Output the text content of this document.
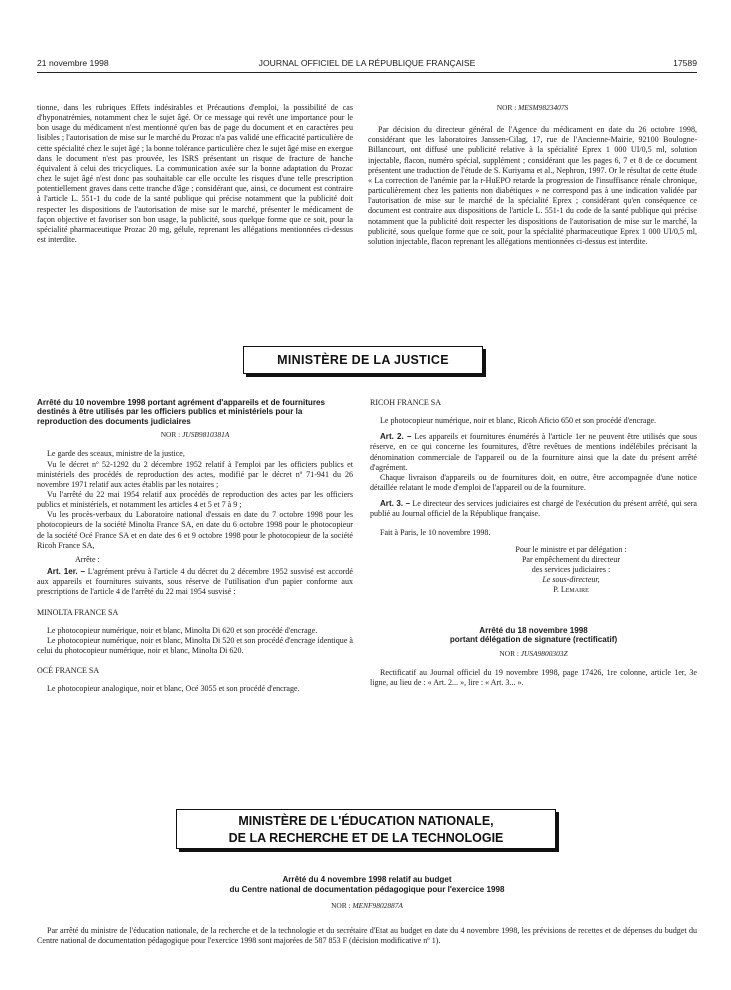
21 novembre 1998	JOURNAL OFFICIEL DE LA RÉPUBLIQUE FRANÇAISE	17589

tionne, dans les rubriques Effets indésirables et Précautions d'emploi, la possibilité de cas d'hyponatrémies, notamment chez le sujet âgé. Or ce message qui revêt une importance pour le bon usage du médicament n'est mentionné qu'en bas de page du document et en caractères peu lisibles ; l'autorisation de mise sur le marché du Prozac n'a pas validé une efficacité particulière de cette spécialité chez le sujet âgé ; la bonne tolérance particulière chez le sujet âgé mise en exergue dans le document n'est pas prouvée, les ISRS présentant un risque de fracture de hanche équivalent à celui des tricycliques. La communication axée sur la bonne adaptation du Prozac chez le sujet âgé n'est donc pas souhaitable car elle occulte les risques d'une telle prescription potentiellement graves dans cette tranche d'âge ; considérant que, ainsi, ce document est contraire à l'article L. 551-1 du code de la santé publique qui précise notamment que la publicité doit respecter les dispositions de l'autorisation de mise sur le marché, présenter le médicament de façon objective et favoriser son bon usage, la publicité, sous quelque forme que ce soit, pour la spécialité pharmaceutique Prozac 20 mg, gélule, reprenant les allégations mentionnées ci-dessus est interdite.

NOR : MESM9823407S

Par décision du directeur général de l'Agence du médicament en date du 26 octobre 1998, considérant que les laboratoires Janssen-Cilag, 17, rue de l'Ancienne-Mairie, 92100 Boulogne-Billancourt, ont diffusé une publicité relative à la spécialité Eprex 1 000 UI/0,5 ml, solution injectable, flacon, numéro spécial, supplément ; considérant que les pages 6, 7 et 8 de ce document présentent une traduction de l'étude de S. Kuriyama et al., Nephron, 1997. Or le résultat de cette étude « La correction de l'anémie par la r-HuEPO retarde la progression de l'insuffisance rénale chronique, particulièrement chez les patients non diabétiques » ne correspond pas à une indication validée par l'autorisation de mise sur le marché de la spécialité Eprex ; considérant qu'en conséquence ce document est contraire aux dispositions de l'article L. 551-1 du code de la santé publique qui précise notamment que la publicité doit respecter les dispositions de l'autorisation de mise sur le marché, la publicité, sous quelque forme que ce soit, pour la spécialité pharmaceutique Eprex 1 000 UI/0,5 ml, solution injectable, flacon reprenant les allégations mentionnées ci-dessus est interdite.

MINISTÈRE DE LA JUSTICE
Arrêté du 10 novembre 1998 portant agrément d'appareils et de fournitures destinés à être utilisés par les officiers publics et ministériels pour la reproduction des documents judiciaires

NOR : JUSB9810381A

Le garde des sceaux, ministre de la justice,

Vu le décret nº 52-1292 du 2 décembre 1952 relatif à l'emploi par les officiers publics et ministériels des procédés de reproduction des actes, modifié par le décret nº 71-941 du 26 novembre 1971 relatif aux actes établis par les notaires ;

Vu l'arrêté du 22 mai 1954 relatif aux procédés de reproduction des actes par les officiers publics et ministériels, et notamment les articles 4 et 5 et 7 à 9 ;

Vu les procès-verbaux du Laboratoire national d'essais en date du 7 octobre 1998 pour les photocopieurs de la société Minolta France SA, en date du 6 octobre 1998 pour le photocopieur de la société Océ France SA et en date des 6 et 9 octobre 1998 pour le photocopieur de la société Ricoh France SA,

Arrête :

Art. 1er. – L'agrément prévu à l'article 4 du décret du 2 décembre 1952 susvisé est accordé aux appareils et fournitures suivants, sous réserve de l'utilisation d'un papier conforme aux prescriptions de l'article 4 de l'arrêté du 22 mai 1954 susvisé :

MINOLTA FRANCE SA

Le photocopieur numérique, noir et blanc, Minolta Di 620 et son procédé d'encrage.

Le photocopieur numérique, noir et blanc, Minolta Di 520 et son procédé d'encrage identique à celui du photocopieur numérique, noir et blanc, Minolta Di 620.

OCÉ FRANCE SA

Le photocopieur analogique, noir et blanc, Océ 3055 et son procédé d'encrage.

RICOH FRANCE SA

Le photocopieur numérique, noir et blanc, Ricoh Aficio 650 et son procédé d'encrage.

Art. 2. – Les appareils et fournitures énumérés à l'article 1er ne peuvent être utilisés que sous réserve, en ce qui concerne les fournitures, d'être revêtues de mentions indélébiles précisant la dénomination commerciale de l'appareil ou de la fourniture ainsi que la date du présent arrêté d'agrément.

Chaque livraison d'appareils ou de fournitures doit, en outre, être accompagnée d'une notice détaillée relatant le mode d'emploi de l'appareil ou de la fourniture.

Art. 3. – Le directeur des services judiciaires est chargé de l'exécution du présent arrêté, qui sera publié au Journal officiel de la République française.

Fait à Paris, le 10 novembre 1998.

Pour le ministre et par délégation :

Par empêchement du directeur

des services judiciaires :

Le sous-directeur,

P. Lemaire

Arrêté du 18 novembre 1998
portant délégation de signature (rectificatif)

NOR : JUSA9800303Z

Rectificatif au Journal officiel du 19 novembre 1998, page 17426, 1re colonne, article 1er, 3e ligne, au lieu de : « Art. 2... », lire : « Art. 3... ».

MINISTÈRE DE L'ÉDUCATION NATIONALE,
DE LA RECHERCHE ET DE LA TECHNOLOGIE
Arrêté du 4 novembre 1998 relatif au budget
du Centre national de documentation pédagogique pour l'exercice 1998

NOR : MENF9802887A

Par arrêté du ministre de l'éducation nationale, de la recherche et de la technologie et du secrétaire d'Etat au budget en date du 4 novembre 1998, les prévisions de recettes et de dépenses du budget du Centre national de documentation pédagogique pour l'exercice 1998 sont majorées de 587 853 F (décision modificative nº 1).
